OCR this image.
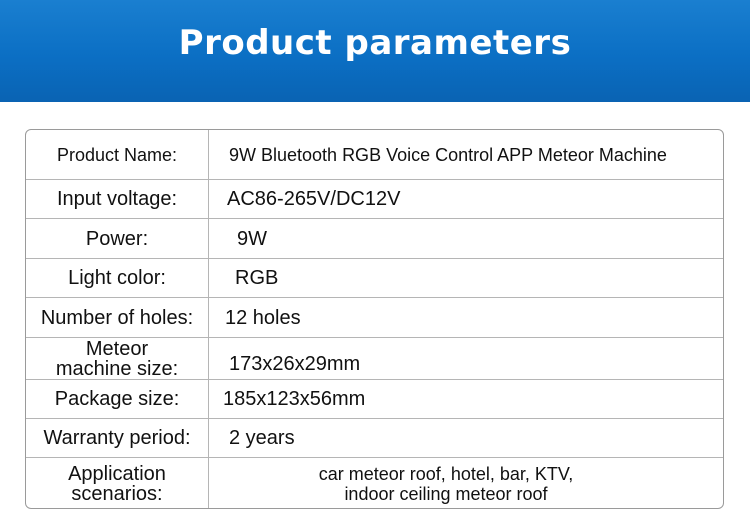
Product parameters
Product Name:	9W Bluetooth RGB Voice Control APP Meteor Machine
Input voltage: AC86-265V/DC12V
Power:	9W
Light color:	RGB
Number of holes: 12 holes
Meteor
machine size:	173x26x29mm
Package size: 185x123x56mm
Warranty period: 2 years
Application
scenarios:
car meteor roof, hotel, bar, KTV,
indoor ceiling meteor roof
